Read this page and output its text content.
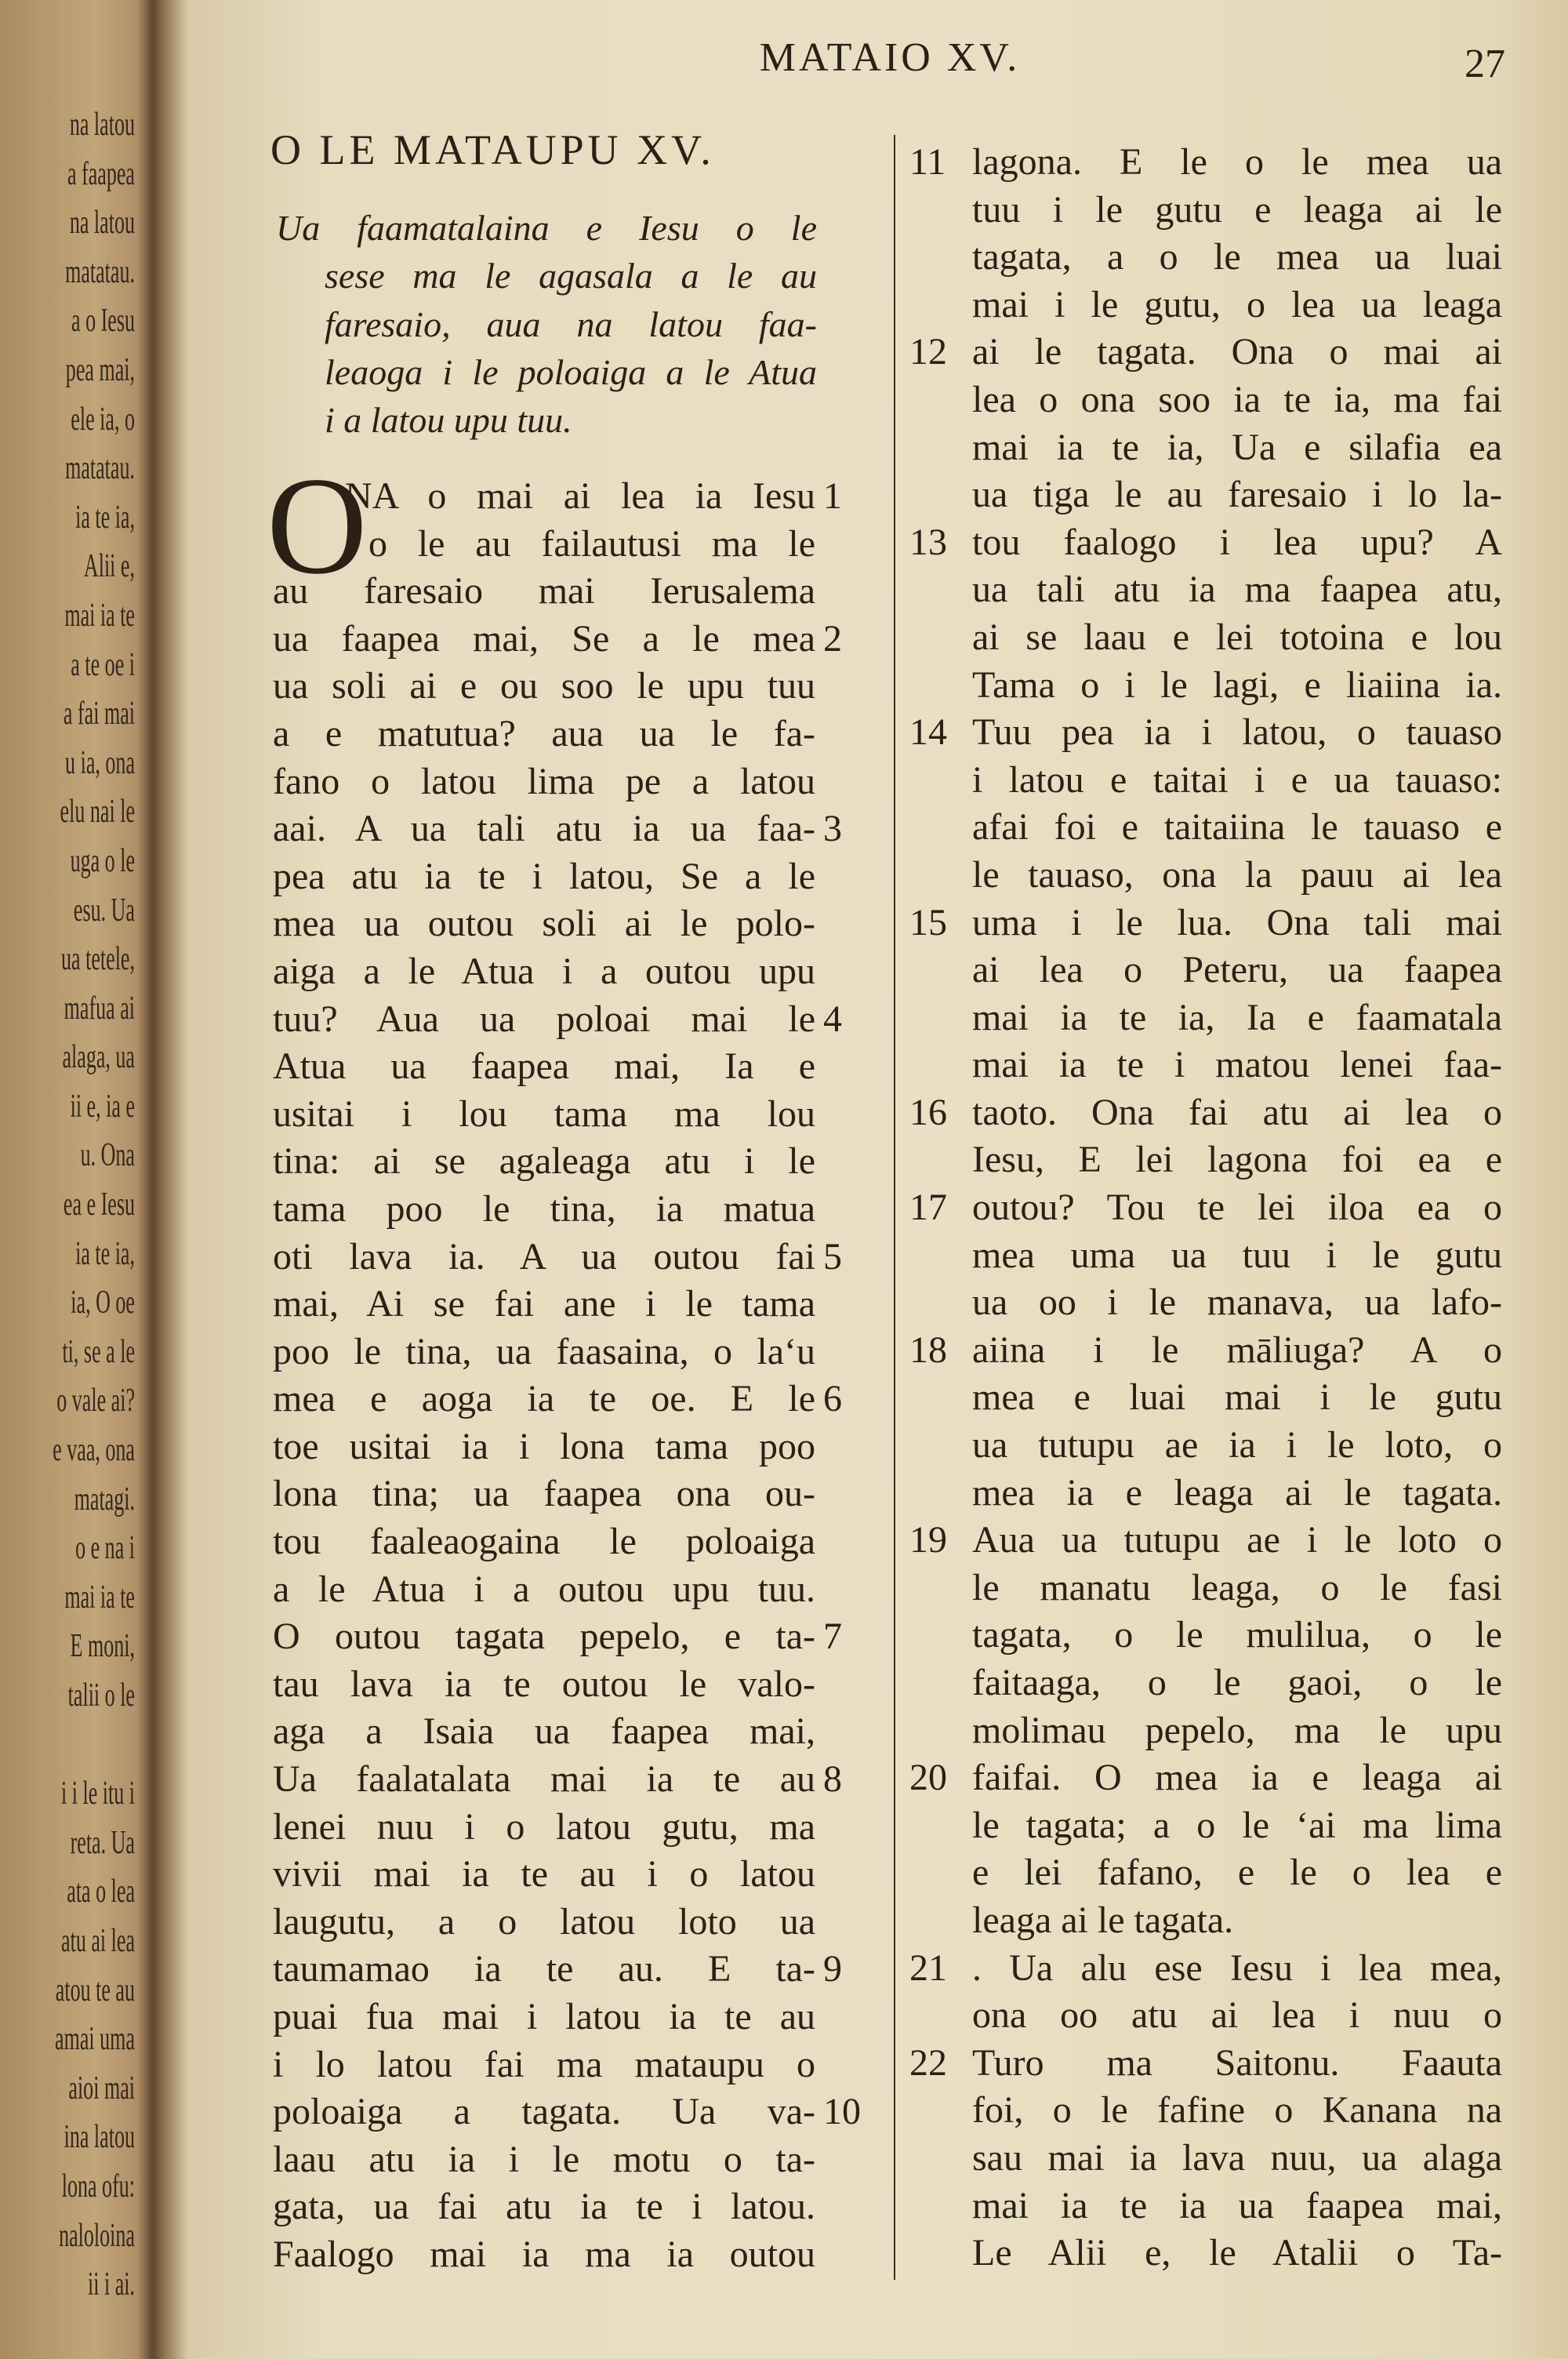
na latou
a faapea
na latou
matatau.
a o Iesu
pea mai,
ele ia, o
matatau.
ia te ia,
Alii e,
mai ia te
a te oe i
a fai mai
u ia, ona
elu nai le
uga o le
esu. Ua
ua tetele,
mafua ai
alaga, ua
ii e, ia e
u. Ona
ea e Iesu
ia te ia,
ia, O oe
ti, se a le
o vale ai?
e vaa, ona
matagi.
o e na i
mai ia te
E moni,
talii o le
i i le itu i
reta. Ua
ata o lea
atu ai lea
atou te au
amai uma
aioi mai
ina latou
lona ofu:
naloloina
ii i ai.
MATAIO XV.	27
O LE MATAUPU XV.
Ua faamatalaina e Iesu o le
sese ma le agasala a le au
faresaio, aua na latou faa-
leaoga i le poloaiga a le Atua
i a latou upu tuu.
O
NA o mai ai lea ia Iesu 1
o le au failautusi ma le
au faresaio mai Ierusalema
ua faapea mai, Se a le mea 2
ua soli ai e ou soo le upu tuu
a e matutua? aua ua le fa-
fano o latou lima pe a latou
aai. A ua tali atu ia ua faa- 3
pea atu ia te i latou, Se a le
mea ua outou soli ai le polo-
aiga a le Atua i a outou upu
tuu? Aua ua poloai mai le 4
Atua ua faapea mai, Ia e
usitai i lou tama ma lou
tina: ai se agaleaga atu i le
tama poo le tina, ia matua
oti lava ia. A ua outou fai 5
mai, Ai se fai ane i le tama
poo le tina, ua faasaina, o la‘u
mea e aoga ia te oe. E le 6
toe usitai ia i lona tama poo
lona tina; ua faapea ona ou-
tou faaleaogaina le poloaiga
a le Atua i a outou upu tuu.
O outou tagata pepelo, e ta- 7
tau lava ia te outou le valo-
aga a Isaia ua faapea mai,
Ua faalatalata mai ia te au 8
lenei nuu i o latou gutu, ma
vivii mai ia te au i o latou
laugutu, a o latou loto ua
taumamao ia te au. E ta- 9
puai fua mai i latou ia te au
i lo latou fai ma mataupu o
poloaiga a tagata. Ua va- 10
laau atu ia i le motu o ta-
gata, ua fai atu ia te i latou.
Faalogo mai ia ma ia outou
lagona. E le o le mea ua
11
tuu i le gutu e leaga ai le
tagata, a o le mea ua luai
mai i le gutu, o lea ua leaga
ai le tagata. Ona o mai ai
12
lea o ona soo ia te ia, ma fai
mai ia te ia, Ua e silafia ea
ua tiga le au faresaio i lo la-
tou faalogo i lea upu? A
13
ua tali atu ia ma faapea atu,
ai se laau e lei totoina e lou
Tama o i le lagi, e liaiina ia.
Tuu pea ia i latou, o tauaso
14
i latou e taitai i e ua tauaso:
afai foi e taitaiina le tauaso e
le tauaso, ona la pauu ai lea
uma i le lua. Ona tali mai
15
ai lea o Peteru, ua faapea
mai ia te ia, Ia e faamatala
mai ia te i matou lenei faa-
taoto. Ona fai atu ai lea o
16
Iesu, E lei lagona foi ea e
outou? Tou te lei iloa ea o
17
mea uma ua tuu i le gutu
ua oo i le manava, ua lafo-
aiina i le māliuga? A o
18
mea e luai mai i le gutu
ua tutupu ae ia i le loto, o
mea ia e leaga ai le tagata.
Aua ua tutupu ae i le loto o
19
le manatu leaga, o le fasi
tagata, o le mulilua, o le
faitaaga, o le gaoi, o le
molimau pepelo, ma le upu
faifai. O mea ia e leaga ai
20
le tagata; a o le ‘ai ma lima
e lei fafano, e le o lea e
leaga ai le tagata.
. Ua alu ese Iesu i lea mea,
21
ona oo atu ai lea i nuu o
Turo ma Saitonu. Faauta
22
foi, o le fafine o Kanana na
sau mai ia lava nuu, ua alaga
mai ia te ia ua faapea mai,
Le Alii e, le Atalii o Ta-
